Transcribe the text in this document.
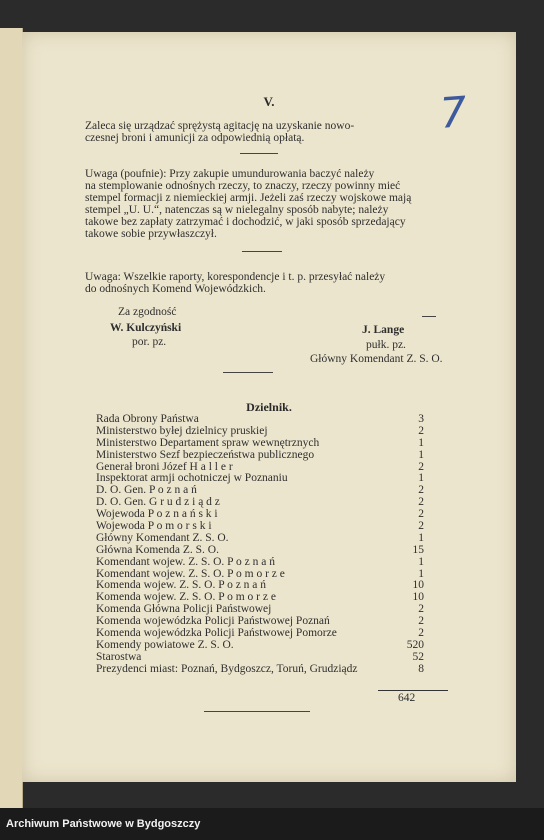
7
V.
Zaleca się urządzać sprężystą agitację na uzyskanie nowo-
czesnej broni i amunicji za odpowiednią opłatą.
Uwaga (poufnie): Przy zakupie umundurowania baczyć należy
na stemplowanie odnośnych rzeczy, to znaczy, rzeczy powinny mieć
stempel formacji z niemieckiej armji. Jeżeli zaś rzeczy wojskowe mają
stempel „U. U.“, natenczas są w nielegalny sposób nabyte; należy
takowe bez zapłaty zatrzymać i dochodzić, w jaki sposób sprzedający
takowe sobie przywłaszczył.
Uwaga: Wszelkie raporty, korespondencje i t. p. przesyłać należy
do odnośnych Komend Wojewódzkich.
Za zgodność
W. Kulczyński
por. pz.
J. Lange
pułk. pz.
Główny Komendant Z. S. O.
Dzielnik.
Rada Obrony Państwa	3
Ministerstwo byłej dzielnicy pruskiej	2
Ministerstwo Departament spraw wewnętrznych	1
Ministerstwo Sezf bezpieczeństwa publicznego	1
Generał broni Józef H a l l e r	2
Inspektorat armji ochotniczej w Poznaniu	1
D. O. Gen. P o z n a ń	2
D. O. Gen. G r u d z i ą d z	2
Wojewoda P o z n a ń s k i	2
Wojewoda P o m o r s k i	2
Główny Komendant Z. S. O.	1
Główna Komenda Z. S. O.	15
Komendant wojew. Z. S. O. P o z n a ń	1
Komendant wojew. Z. S. O. P o m o r z e	1
Komenda wojew. Z. S. O. P o z n a ń	10
Komenda wojew. Z. S. O. P o m o r z e	10
Komenda Główna Policji Państwowej	2
Komenda wojewódzka Policji Państwowej Poznań	2
Komenda wojewódzka Policji Państwowej Pomorze	2
Komendy powiatowe Z. S. O.	520
Starostwa	52
Prezydenci miast: Poznań, Bydgoszcz, Toruń, Grudziądz	8
642
Archiwum Państwowe w Bydgoszczy
